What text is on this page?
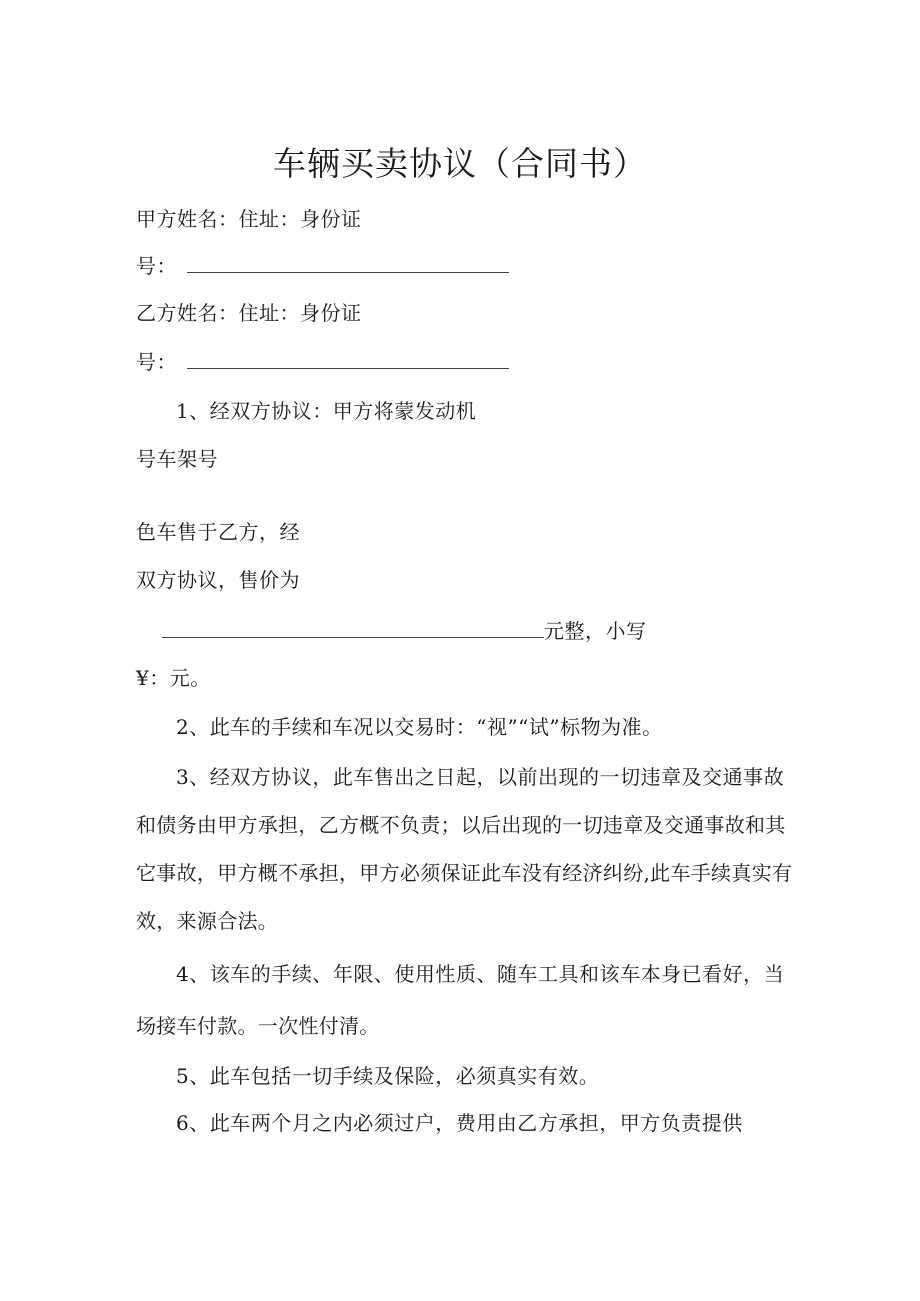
车辆买卖协议（合同书）
甲方姓名：住址：身份证
号：
乙方姓名：住址：身份证
号：
1、经双方协议：甲方将蒙发动机
号车架号
色车售于乙方，经
双方协议，售价为
元整，小写
¥：元。
2、此车的手续和车况以交易时：“视”“试”标物为准。
3、经双方协议，此车售出之日起，以前出现的一切违章及交通事故
和债务由甲方承担，乙方概不负责；以后出现的一切违章及交通事故和其
它事故，甲方概不承担，甲方必须保证此车没有经济纠纷,此车手续真实有
效，来源合法。
4、该车的手续、年限、使用性质、随车工具和该车本身已看好，当
场接车付款。一次性付清。
5、此车包括一切手续及保险，必须真实有效。
6、此车两个月之内必须过户，费用由乙方承担，甲方负责提供
